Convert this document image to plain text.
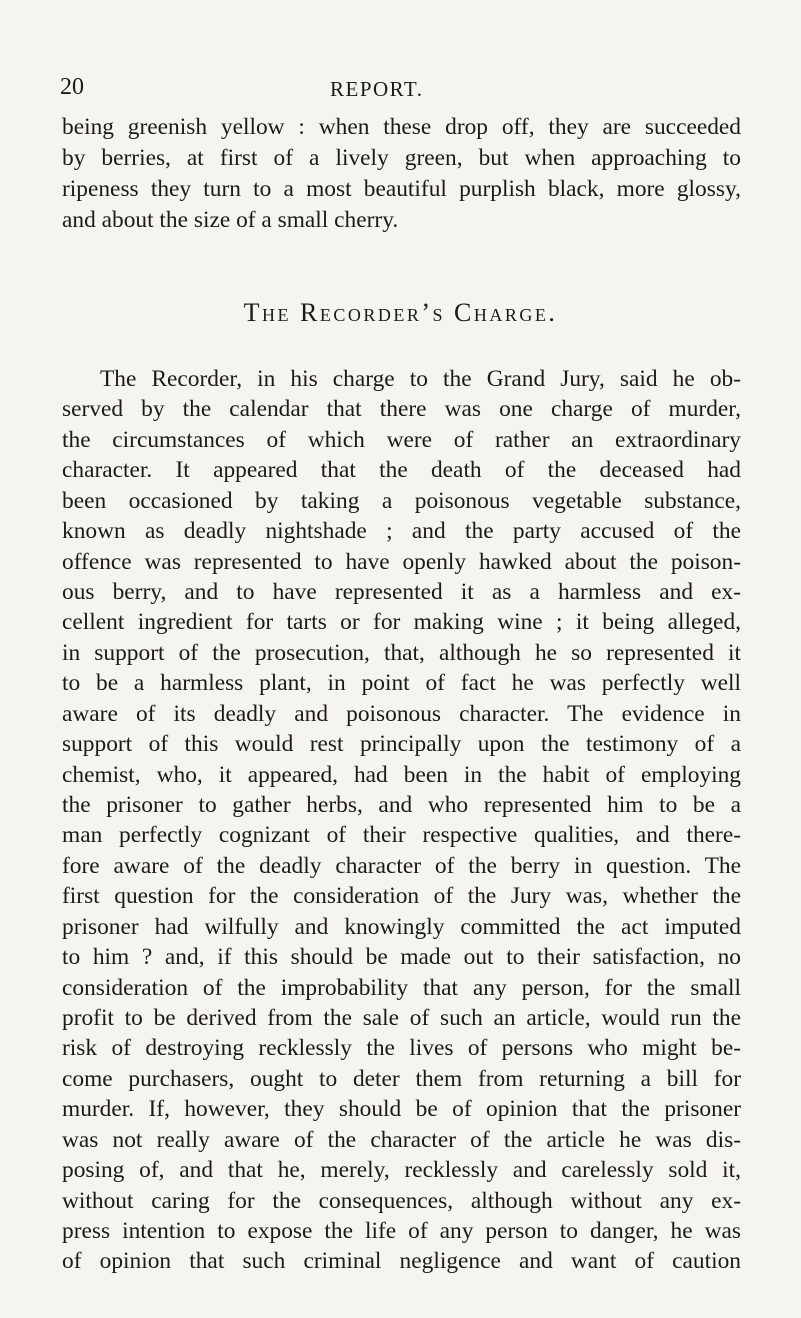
20	REPORT.
being greenish yellow : when these drop off, they are succeeded
by berries, at first of a lively green, but when approaching to
ripeness they turn to a most beautiful purplish black, more glossy,
and about the size of a small cherry.
The Recorder’s Charge.
The Recorder, in his charge to the Grand Jury, said he ob-
served by the calendar that there was one charge of murder,
the circumstances of which were of rather an extraordinary
character. It appeared that the death of the deceased had
been occasioned by taking a poisonous vegetable substance,
known as deadly nightshade ; and the party accused of the
offence was represented to have openly hawked about the poison-
ous berry, and to have represented it as a harmless and ex-
cellent ingredient for tarts or for making wine ; it being alleged,
in support of the prosecution, that, although he so represented it
to be a harmless plant, in point of fact he was perfectly well
aware of its deadly and poisonous character. The evidence in
support of this would rest principally upon the testimony of a
chemist, who, it appeared, had been in the habit of employing
the prisoner to gather herbs, and who represented him to be a
man perfectly cognizant of their respective qualities, and there-
fore aware of the deadly character of the berry in question. The
first question for the consideration of the Jury was, whether the
prisoner had wilfully and knowingly committed the act imputed
to him ? and, if this should be made out to their satisfaction, no
consideration of the improbability that any person, for the small
profit to be derived from the sale of such an article, would run the
risk of destroying recklessly the lives of persons who might be-
come purchasers, ought to deter them from returning a bill for
murder. If, however, they should be of opinion that the prisoner
was not really aware of the character of the article he was dis-
posing of, and that he, merely, recklessly and carelessly sold it,
without caring for the consequences, although without any ex-
press intention to expose the life of any person to danger, he was
of opinion that such criminal negligence and want of caution
